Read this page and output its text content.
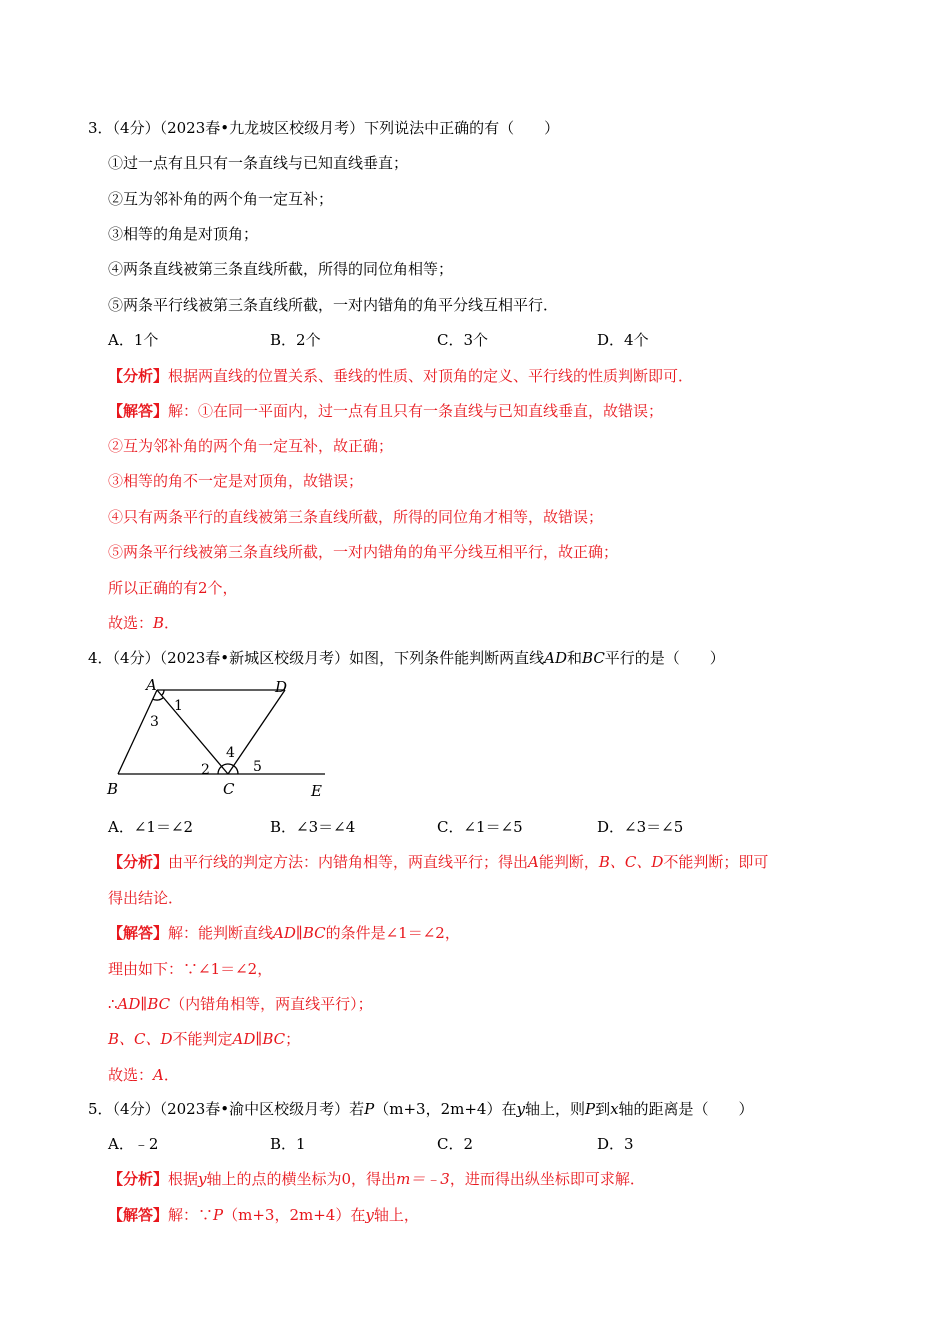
3．（4分）（2023春•九龙坡区校级月考）下列说法中正确的有（　　）
①过一点有且只有一条直线与已知直线垂直；
②互为邻补角的两个角一定互补；
③相等的角是对顶角；
④两条直线被第三条直线所截，所得的同位角相等；
⑤两条平行线被第三条直线所截，一对内错角的角平分线互相平行．
A．1个	B．2个	C．3个	D．4个
【分析】根据两直线的位置关系、垂线的性质、对顶角的定义、平行线的性质判断即可．
【解答】解：①在同一平面内，过一点有且只有一条直线与已知直线垂直，故错误；
②互为邻补角的两个角一定互补，故正确；
③相等的角不一定是对顶角，故错误；
④只有两条平行的直线被第三条直线所截，所得的同位角才相等，故错误；
⑤两条平行线被第三条直线所截，一对内错角的角平分线互相平行，故正确；
所以正确的有2个，
故选：B．
4．（4分）（2023春•新城区校级月考）如图，下列条件能判断两直线AD和BC平行的是（　　）
A	D
B	C	E
1
3
4
2	5
A．∠1＝∠2	B．∠3＝∠4	C．∠1＝∠5	D．∠3＝∠5
【分析】由平行线的判定方法：内错角相等，两直线平行；得出A能判断，B、C、D不能判断；即可
得出结论．
【解答】解：能判断直线AD∥BC的条件是∠1＝∠2，
理由如下：∵∠1＝∠2，
∴AD∥BC（内错角相等，两直线平行）；
B、C、D不能判定AD∥BC；
故选：A．
5．（4分）（2023春•渝中区校级月考）若P（m+3，2m+4）在y轴上，则P到x轴的距离是（　　）
A．﹣2	B．1	C．2	D．3
【分析】根据y轴上的点的横坐标为0，得出m＝﹣3，进而得出纵坐标即可求解．
【解答】解：∵P（m+3，2m+4）在y轴上，
